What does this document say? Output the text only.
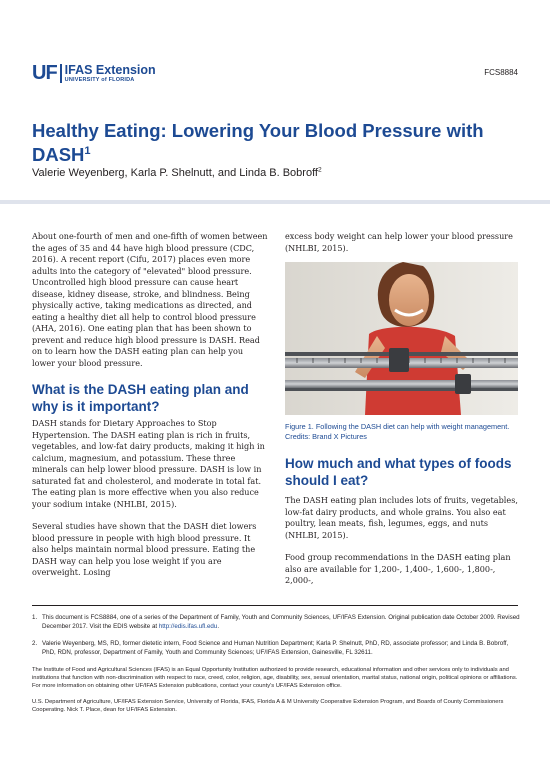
UF IFAS Extension
UNIVERSITY of FLORIDA
FCS8884
Healthy Eating: Lowering Your Blood Pressure with DASH$^1$
Valerie Weyenberg, Karla P. Shelnutt, and Linda B. Bobroff$^2$

About one-fourth of men and one-fifth of women between the ages of 35 and 44 have high blood pressure (CDC, 2016). A recent report (Cifu, 2017) places even more adults into the category of "elevated" blood pressure. Uncontrolled high blood pressure can cause heart disease, kidney disease, stroke, and blindness. Being physically active, taking medications as directed, and eating a healthy diet all help to control blood pressure (AHA, 2016). One eating plan that has been shown to prevent and reduce high blood pressure is DASH. Read on to learn how the DASH eating plan can help you lower your blood pressure.

excess body weight can help lower your blood pressure (NHLBI, 2015).

What is the DASH eating plan and why is it important?

DASH stands for Dietary Approaches to Stop Hypertension. The DASH eating plan is rich in fruits, vegetables, and low-fat dairy products, making it high in calcium, magnesium, and potassium. These three minerals can help lower blood pressure. DASH is low in saturated fat and cholesterol, and moderate in total fat. The eating plan is more effective when you also reduce your sodium intake (NHLBI, 2015).

Several studies have shown that the DASH diet lowers blood pressure in people with high blood pressure. It also helps maintain normal blood pressure. Eating the DASH way can help you lose weight if you are overweight. Losing

Figure 1. Following the DASH diet can help with weight management.
Credits: Brand X Pictures
How much and what types of foods should I eat?

The DASH eating plan includes lots of fruits, vegetables, low-fat dairy products, and whole grains. You also eat poultry, lean meats, fish, legumes, eggs, and nuts (NHLBI, 2015).

Food group recommendations in the DASH eating plan also are available for 1,200-, 1,400-, 1,600-, 1,800-, 2,000-,

1. This document is FCS8884, one of a series of the Department of Family, Youth and Community Sciences, UF/IFAS Extension. Original publication date October 2009. Revised December 2017. Visit the EDIS website at http://edis.ifas.ufl.edu.
2. Valerie Weyenberg, MS, RD, former dietetic intern, Food Science and Human Nutrition Department; Karla P. Shelnutt, PhD, RD, associate professor; and Linda B. Bobroff, PhD, RDN, professor, Department of Family, Youth and Community Sciences; UF/IFAS Extension, Gainesville, FL 32611.

The Institute of Food and Agricultural Sciences (IFAS) is an Equal Opportunity Institution authorized to provide research, educational information and other services only to individuals and institutions that function with non-discrimination with respect to race, creed, color, religion, age, disability, sex, sexual orientation, marital status, national origin, political opinions or affiliations. For more information on obtaining other UF/IFAS Extension publications, contact your county's UF/IFAS Extension office.

U.S. Department of Agriculture, UF/IFAS Extension Service, University of Florida, IFAS, Florida A & M University Cooperative Extension Program, and Boards of County Commissioners Cooperating. Nick T. Place, dean for UF/IFAS Extension.
